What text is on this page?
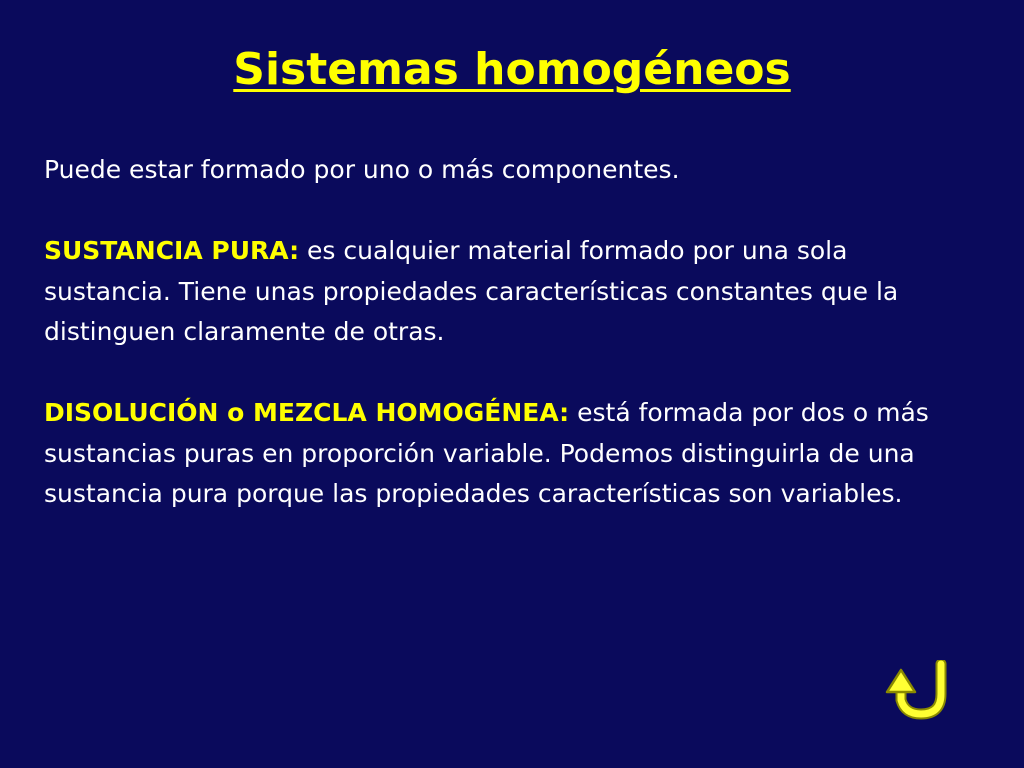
Sistemas homogéneos

Puede estar formado por uno o más componentes.

SUSTANCIA PURA: es cualquier material formado por una sola sustancia. Tiene unas propiedades características constantes que la distinguen claramente de otras.

DISOLUCIÓN o MEZCLA HOMOGÉNEA: está formada por dos o más sustancias puras en proporción variable. Podemos distinguirla de una sustancia pura porque las propiedades características son variables.
